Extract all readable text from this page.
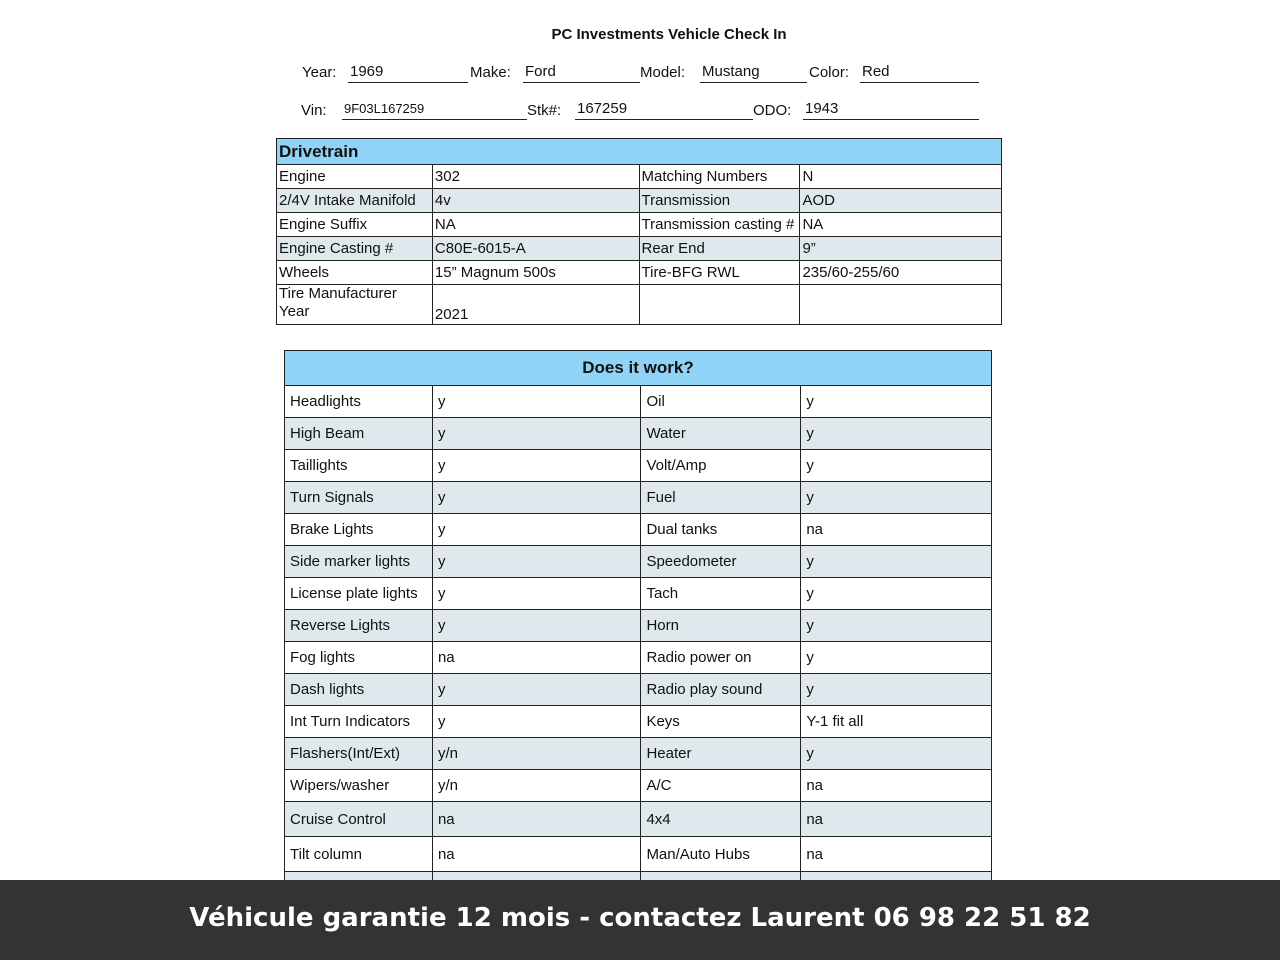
PC Investments Vehicle Check In
Year: 1969	Make: Ford	Model: Mustang	Color: Red
Vin: 9F03L167259	Stk#: 167259	ODO: 1943
Drivetrain			
Engine	302	Matching Numbers	N
2/4V Intake Manifold	4v	Transmission	AOD
Engine Suffix	NA	Transmission casting #	NA
Engine Casting #	C80E-6015-A	Rear End	9”
Wheels	15” Magnum 500s	Tire-BFG RWL	235/60-255/60
Tire Manufacturer Year	2021		
Does it work?			
Headlights	y	Oil	y
High Beam	y	Water	y
Taillights	y	Volt/Amp	y
Turn Signals	y	Fuel	y
Brake Lights	y	Dual tanks	na
Side marker lights	y	Speedometer	y
License plate lights	y	Tach	y
Reverse Lights	y	Horn	y
Fog lights	na	Radio power on	y
Dash lights	y	Radio play sound	y
Int Turn Indicators	y	Keys	Y-1 fit all
Flashers(Int/Ext)	y/n	Heater	y
Wipers/washer	y/n	A/C	na
Cruise Control	na	4x4	na
Tilt column	na	Man/Auto Hubs	na

Véhicule garantie 12 mois - contactez Laurent 06 98 22 51 82
